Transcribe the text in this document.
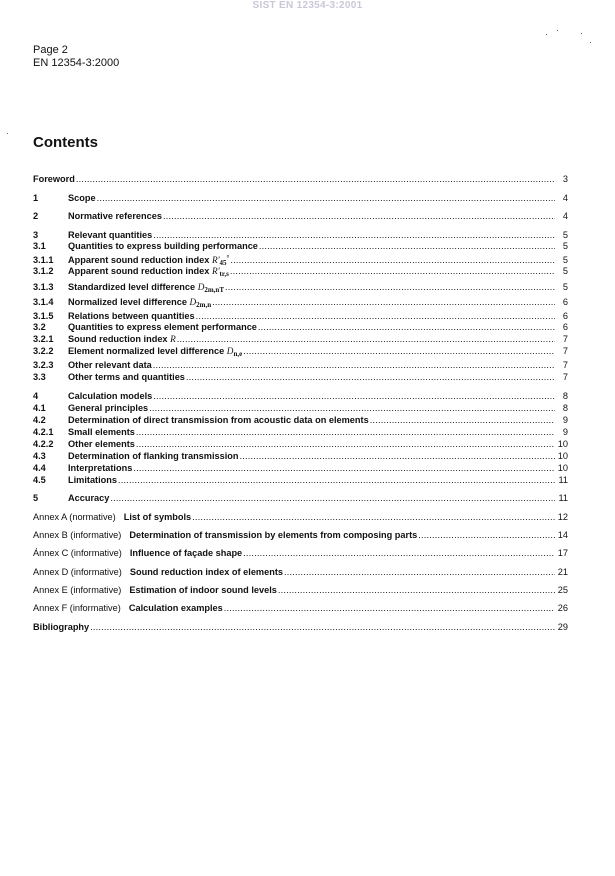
SIST EN 12354-3:2001
Page 2
EN 12354-3:2000
Contents
Foreword .....	3
1	Scope .....	4
2	Normative references .....	4
3	Relevant quantities .....	5
3.1	Quantities to express building performance .....	5
3.1.1	Apparent sound reduction index $R'_{45}^\circ$ .....	5
3.1.2	Apparent sound reduction index $R'_{tr,s}$ .....	5
3.1.3	Standardized level difference $D_{2m,nT}$ .....	5
3.1.4	Normalized level difference $D_{2m,n}$ .....	6
3.1.5	Relations between quantities .....	6
3.2	Quantities to express element performance .....	6
3.2.1	Sound reduction index R .....	7
3.2.2	Element normalized level difference $D_{n,e}$ .....	7
3.2.3	Other relevant data .....	7
3.3	Other terms and quantities .....	7
4	Calculation models .....	8
4.1	General principles .....	8
4.2	Determination of direct transmission from acoustic data on elements .....	9
4.2.1	Small elements .....	9
4.2.2	Other elements .....	10
4.3	Determination of flanking transmission .....	10
4.4	Interpretations .....	10
4.5	Limitations .....	11
5	Accuracy .....	11
Annex A (normative) List of symbols .....	12
Annex B (informative) Determination of transmission by elements from composing parts .....	14
Annex C (informative) Influence of façade shape .....	17
Annex D (informative) Sound reduction index of elements .....	21
Annex E (informative) Estimation of indoor sound levels .....	25
Annex F (informative) Calculation examples .....	26
Bibliography .....	29
